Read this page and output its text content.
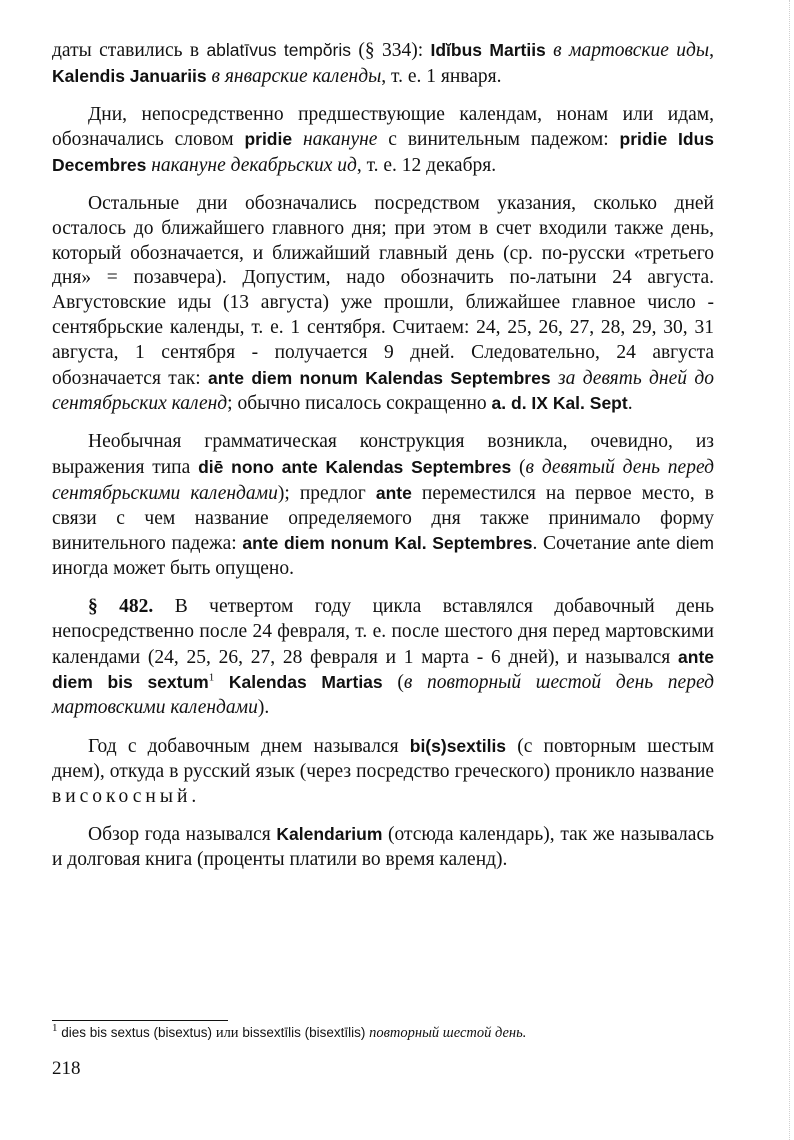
даты ставились в ablatīvus tempŏris (§ 334): Idĭbus Martiis в мартовские иды, Kalendis Januariis в январские календы, т. е. 1 января.

Дни, непосредственно предшествующие календам, нонам или идам, обозначались словом pridie накануне с винительным падежом: pridie Idus Decembres накануне декабрьских ид, т. е. 12 декабря.

Остальные дни обозначались посредством указания, сколько дней осталось до ближайшего главного дня; при этом в счет входили также день, который обозначается, и ближайший главный день (ср. по-русски «третьего дня» = позавчера). Допустим, надо обозначить по-латыни 24 августа. Августовские иды (13 августа) уже прошли, ближайшее главное число - сентябрьские календы, т. е. 1 сентября. Считаем: 24, 25, 26, 27, 28, 29, 30, 31 августа, 1 сентября - получается 9 дней. Следовательно, 24 августа обозначается так: ante diem nonum Kalendas Septembres за девять дней до сентябрьских календ; обычно писалось сокращенно a. d. IX Kal. Sept.

Необычная грамматическая конструкция возникла, очевидно, из выражения типа diē nono ante Kalendas Septembres (в девятый день перед сентябрьскими календами); предлог ante переместился на первое место, в связи с чем название определяемого дня также принимало форму винительного падежа: ante diem nonum Kal. Septembres. Сочетание ante diem иногда может быть опущено.

§ 482. В четвертом году цикла вставлялся добавочный день непосредственно после 24 февраля, т. е. после шестого дня перед мартовскими календами (24, 25, 26, 27, 28 февраля и 1 марта - 6 дней), и назывался ante diem bis sextum$^1$ Kalendas Martias (в повторный шестой день перед мартовскими календами).

Год с добавочным днем назывался bi(s)sextilis (с повторным шестым днем), откуда в русский язык (через посредство греческого) проникло название високосный.

Обзор года назывался Kalendarium (отсюда календарь), так же называлась и долговая книга (проценты платили во время календ).

$^1$ dies bis sextus (bisextus) или bissextīlis (bisextīlis) повторный шестой день.
218
